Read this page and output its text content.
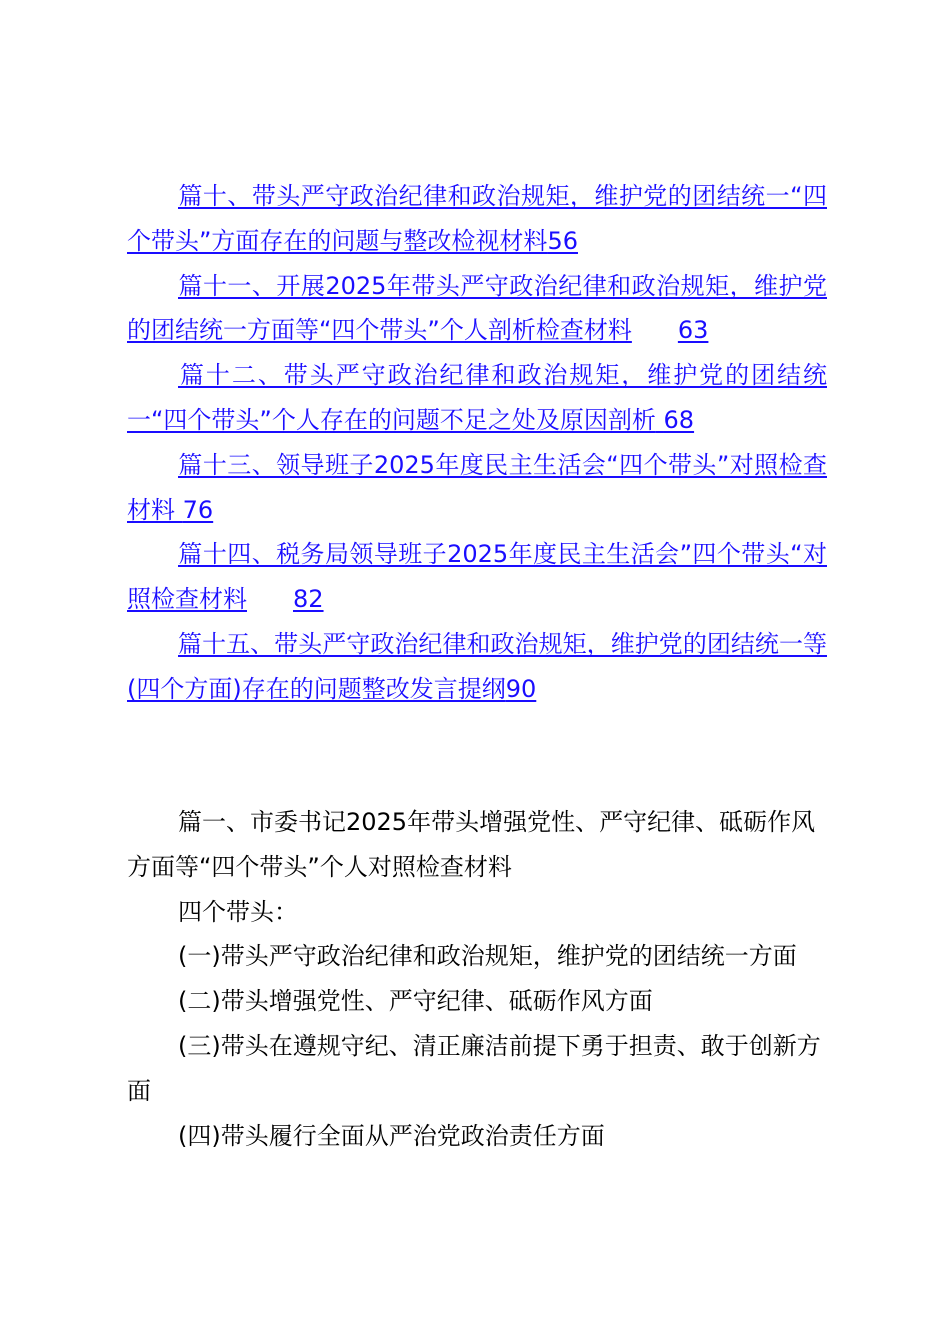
篇十、带头严守政治纪律和政治规矩，维护党的团结统一“四个带头”方面存在的问题与整改检视材料56

篇十一、开展2025年带头严守政治纪律和政治规矩，维护党的团结统一方面等“四个带头”个人剖析检查材料 63

篇十二、带头严守政治纪律和政治规矩，维护党的团结统一“四个带头”个人存在的问题不足之处及原因剖析 68

篇十三、领导班子2025年度民主生活会“四个带头”对照检查材料 76

篇十四、税务局领导班子2025年度民主生活会”四个带头“对照检查材料 82

篇十五、带头严守政治纪律和政治规矩，维护党的团结统一等(四个方面)存在的问题整改发言提纲90

篇一、市委书记2025年带头增强党性、严守纪律、砥砺作风方面等“四个带头”个人对照检查材料

四个带头：

(一)带头严守政治纪律和政治规矩，维护党的团结统一方面

(二)带头增强党性、严守纪律、砥砺作风方面

(三)带头在遵规守纪、清正廉洁前提下勇于担责、敢于创新方面

(四)带头履行全面从严治党政治责任方面
